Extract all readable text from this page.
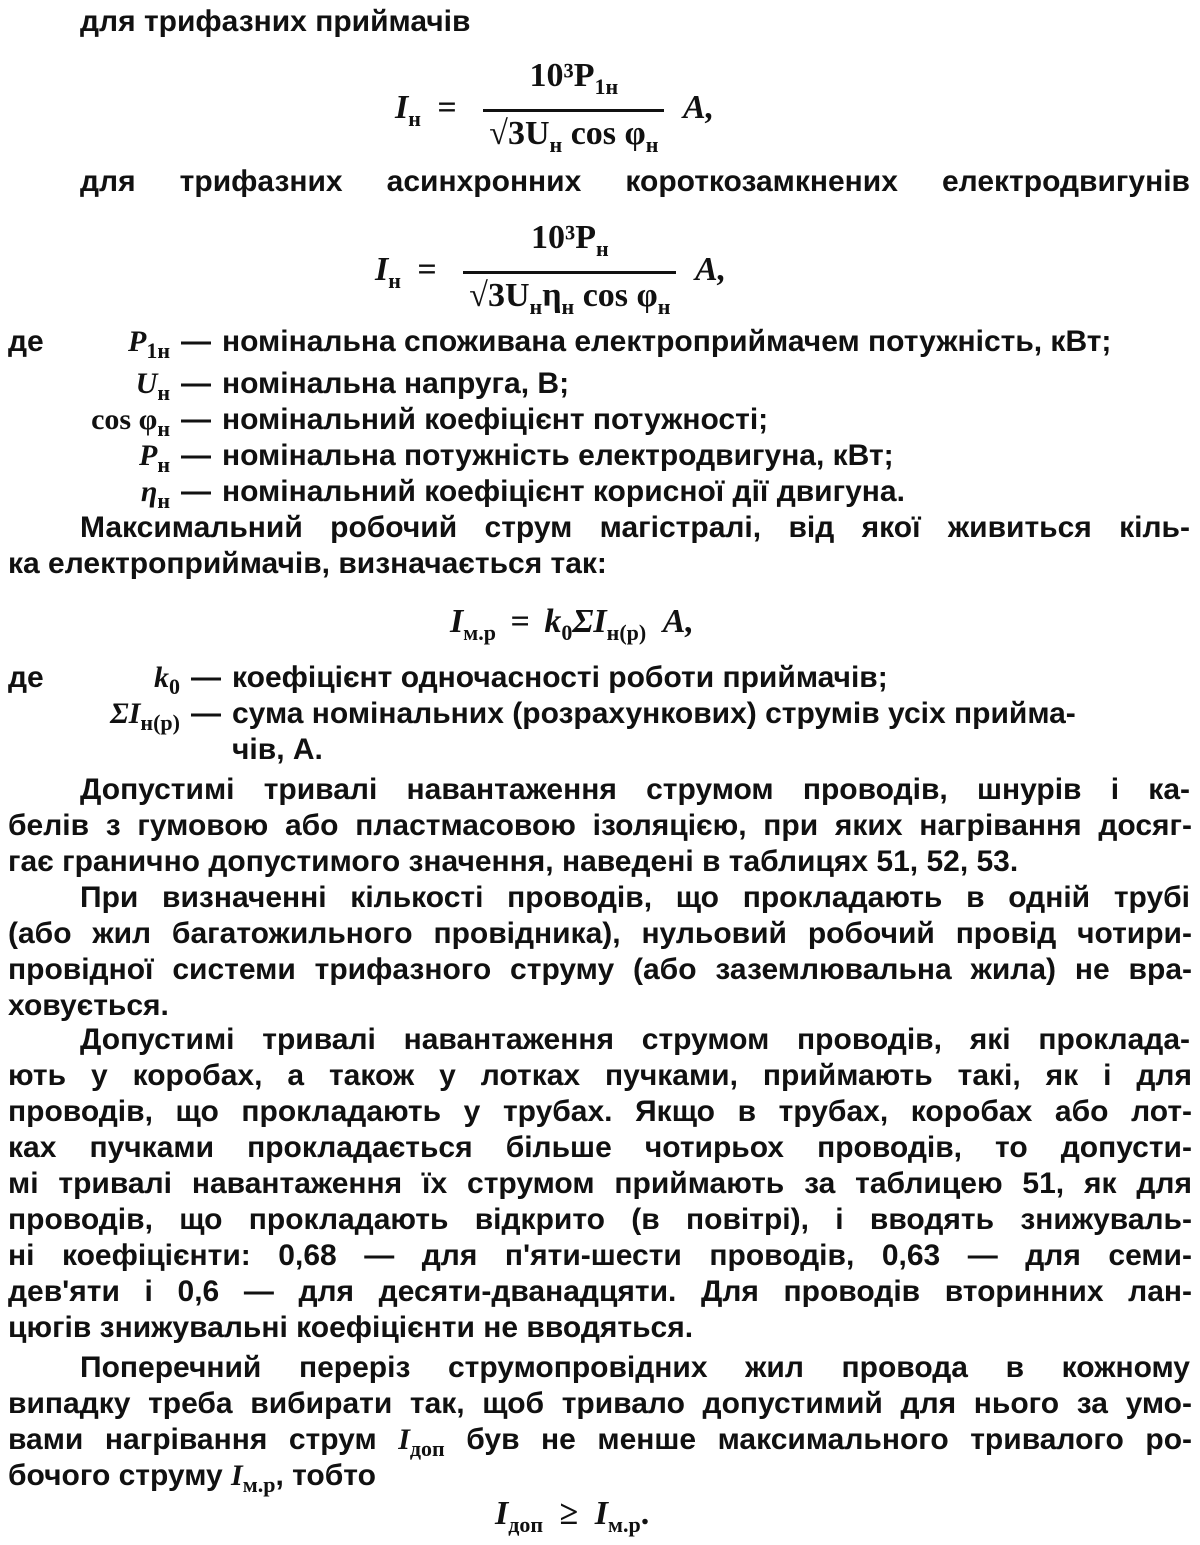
для трифазних приймачів
$I_н = \frac{10^3P_{1н}}{√3U_н \cos \varphi_н} А$,
для трифазних асинхронних короткозамкнених електродвигунів
$I_н = \frac{10^3P_н}{√3U_н\eta_н \cos \varphi_н} А$,
де	$P_{1н}$ — номінальна споживана електроприймачем потужність, кВт;
$U_н$ — номінальна напруга, В;
$\cos \varphi_н$ — номінальний коефіцієнт потужності;
$P_н$ — номінальна потужність електродвигуна, кВт;
$\eta_н$ — номінальний коефіцієнт корисної дії двигуна.
Максимальний робочий струм магістралі, від якої живиться кіль-
ка електроприймачів, визначається так:
$I_{м.р} = k_0\Sigma I_{н(р)}$ А,
де	$k_0$ — коефіцієнт одночасності роботи приймачів;
$\Sigma I_{н(р)}$ — сума номінальних (розрахункових) струмів усіх прийма-
чів, А.
Допустимі тривалі навантаження струмом проводів, шнурів і ка-
белів з гумовою або пластмасовою ізоляцією, при яких нагрівання досяг-
гає гранично допустимого значення, наведені в таблицях 51, 52, 53.
При визначенні кількості проводів, що прокладають в одній трубі
(або жил багатожильного провідника), нульовий робочий провід чотири-
провідної системи трифазного струму (або заземлювальна жила) не вра-
ховується.
Допустимі тривалі навантаження струмом проводів, які проклада-
ють у коробах, а також у лотках пучками, приймають такі, як і для
проводів, що прокладають у трубах. Якщо в трубах, коробах або лот-
ках пучками прокладається більше чотирьох проводів, то допусти-
мі тривалі навантаження їх струмом приймають за таблицею 51, як для
проводів, що прокладають відкрито (в повітрі), і вводять знижуваль-
ні коефіцієнти: 0,68 — для п'яти-шести проводів, 0,63 — для семи-
дев'яти і 0,6 — для десяти-дванадцяти. Для проводів вторинних лан-
цюгів знижувальні коефіцієнти не вводяться.
Поперечний переріз струмопровідних жил провода в кожному
випадку треба вибирати так, щоб тривало допустимий для нього за умо-
вами нагрівання струм $I_{доп}$ був не менше максимального тривалого ро-
бочого струму $I_{м.р}$, тобто
$I_{доп} \ge I_{м.р}$.
